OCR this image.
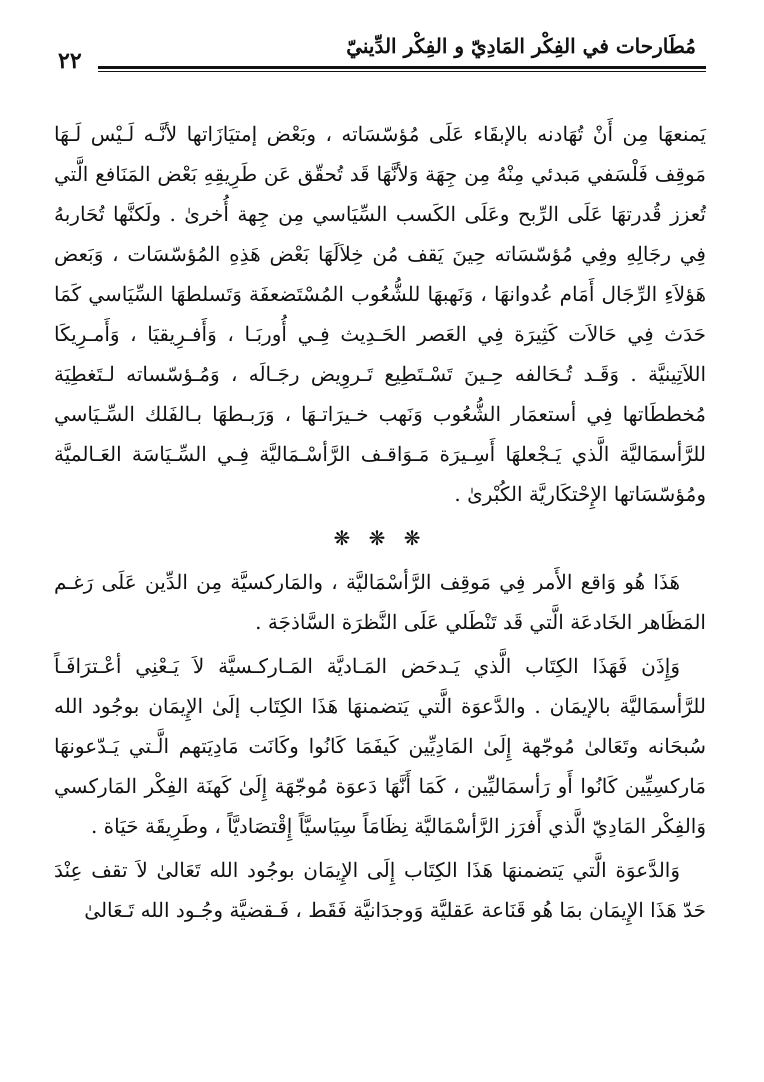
مُطَارحات في الفِكْر المَادِيّ و الفِكْر الدِّينيّ
٢٢

يَمنعهَا مِن أَنْ تُهَادنه بالإبقَاء عَلَى مُؤسّسَاته ، وبَعْض إمتيَازَاتها لأنَّـه لَـيْس لَـهَا مَوقِف فَلْسَفي مَبدئي مِنْهُ مِن جِهَة وَلأنَّهَا قَد تُحقّق عَن طَرِيقِهِ بَعْض المَنَافع الَّتي تُعزز قُدرتهَا عَلَى الرِّبح وعَلَى الكَسب السِّيَاسي مِن جِهة أُخرىٰ . ولَكنَّها تُحَاربهُ فِي رجَالِهِ وفِي مُؤسّسَاته حِينَ يَقف مُن خِلاَلَهَا بَعْض هَذِهِ المُؤسّسَات ، وَبَعض هَؤلاَءِ الرِّجَال أَمَام عُدوانهَا ، وَنَهبهَا للشُّعُوب المُسْتَضعفَة وَتَسلطهَا السِّيَاسي كَمَا حَدَث فِي حَالاَت كَثِيرَة فِي العَصر الحَـدِيث فِـي أُوربَـا ، وَأَفـرِيقيَا ، وَأَمـرِيكَا اللاَتِينيَّة . وَقَـد تُـحَالفه حِـينَ تَسْـتَطِيع تَـروِيض رجَـالَه ، وَمُـؤسّساته لـتَغطِيَة مُخططَاتها فِي أستعمَار الشُّعُوب وَنَهب خـيرَاتـهَا ، وَرَبـطهَا بـالفَلك السِّـيَاسي للرَّأسمَاليَّة الَّذي يَـجْعلهَا أَسِـيرَة مَـوَاقـف الرَّأسْـمَاليَّة فِـي السِّـيَاسَة العَـالميَّة ومُؤسّسَاتها الإِحْتكَاريَّة الكُبْرىٰ .

❋ ❋ ❋

هَذَا هُو وَاقع الأَمر فِي مَوقِف الرَّأسْمَاليَّة ، والمَاركسيَّة مِن الدِّين عَلَى رَغـم المَظَاهر الخَادعَة الَّتي قَد تَنْطَلي عَلَى النَّظرَة السَّاذجَة .

وَإِذَن فَهَذَا الكِتَاب الَّذي يَـدحَض المَـاديَّة المَـاركـسيَّة لاَ يَـعْنِي أعْـترَافَـاً للرَّأسمَاليَّة بالإيمَان . والدَّعوَة الَّتي يَتضمنهَا هَذَا الكِتَاب إلَىٰ الإِيمَان بوجُود الله سُبحَانه وتَعَالىٰ مُوجّهة إِلَىٰ المَادِيِّين كَيفَمَا كَانُوا وكَانَت مَادِيَتهم الَّـتي يَـدّعونهَا مَاركسِيِّين كَانُوا أَو رَأسمَاليِّين ، كَمَا أَنَّهَا دَعوَة مُوجّهَة إِلَىٰ كَهنَة الفِكْر المَاركسي وَالفِكْر المَادِيّ الَّذي أَفرَز الرَّأسْمَاليَّة نِظَامَاً سِيَاسيَّاً إِقْتصَاديَّاً ، وطَرِيقَة حَيَاة .

وَالدَّعوَة الَّتي يَتضمنهَا هَذَا الكِتَاب إِلَى الإِيمَان بوجُود الله تَعَالىٰ لاَ تقف عِنْدَ حَدّ هَذَا الإِيمَان بمَا هُو قَنَاعة عَقليَّة وَوجدَانيَّة فَقَط ، فَـقضيَّة وجُـود الله تَـعَالىٰ
